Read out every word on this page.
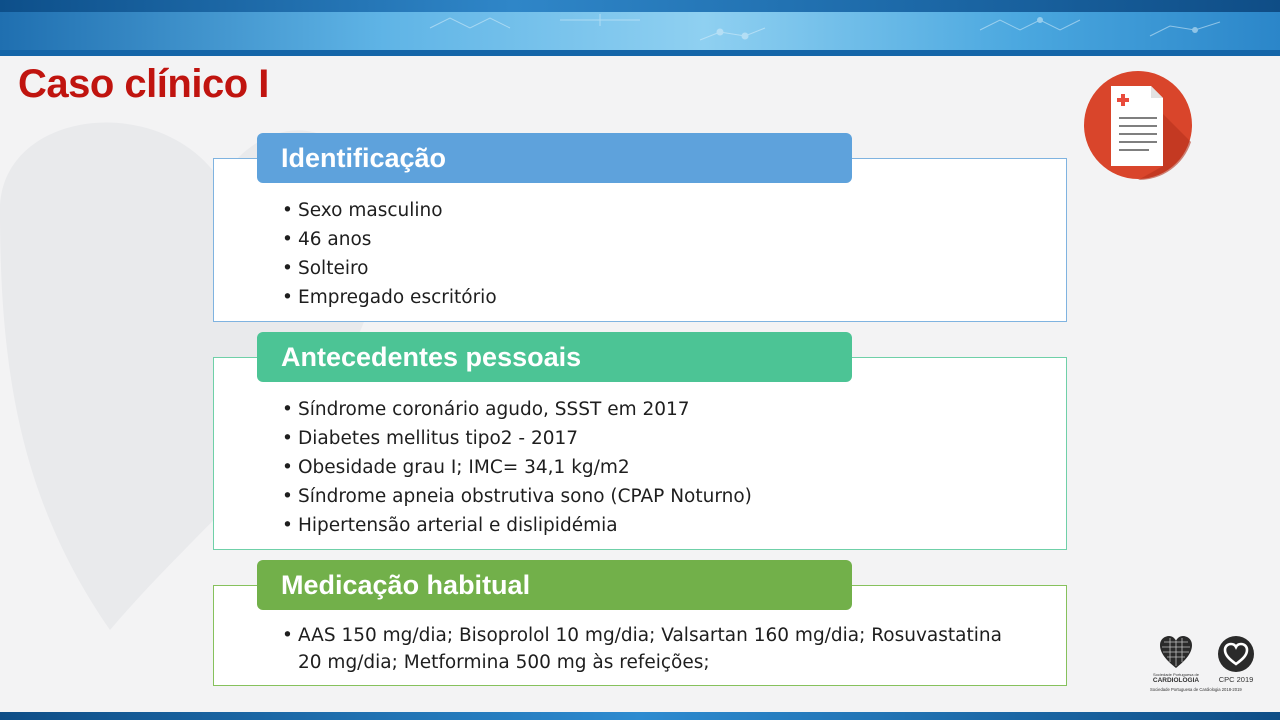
Caso clínico I
Identificação
• Sexo masculino
• 46 anos
• Solteiro
• Empregado escritório
Antecedentes pessoais
• Síndrome coronário agudo, SSST em 2017
• Diabetes mellitus tipo2 - 2017
• Obesidade grau I; IMC= 34,1 kg/m2
• Síndrome apneia obstrutiva sono (CPAP Noturno)
• Hipertensão arterial e dislipidémia
Medicação habitual
• AAS 150 mg/dia; Bisoprolol 10 mg/dia; Valsartan 160 mg/dia; Rosuvastatina 20 mg/dia; Metformina 500 mg às refeições;
Sociedade Portuguesa de
CARDIOLOGIA	CPC 2019
Sociedade Portuguesa de Cardiologia 2018-2019
